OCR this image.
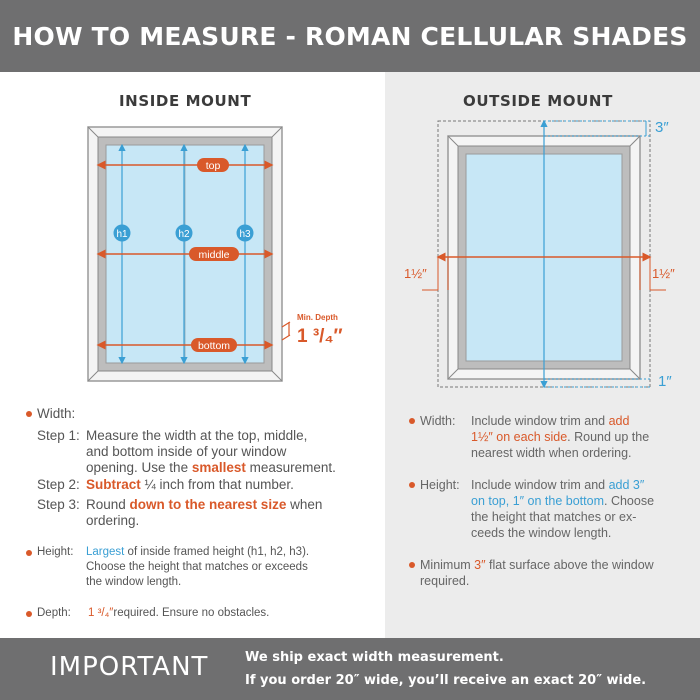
HOW TO MEASURE - ROMAN CELLULAR SHADES
INSIDE MOUNT	OUTSIDE MOUNT
top
middle
bottom
h1	h2	h3
Min. Depth
1 ³/₄″
3″
1″
1½″	1½″
Width:
Step 1: Measure the width at the top, middle,
and bottom inside of your window
opening. Use the smallest measurement.
Step 2: Subtract ¼ inch from that number.
Step 3: Round down to the nearest size when
ordering.
Height: Largest of inside framed height (h1, h2, h3).
Choose the height that matches or exceeds
the window length.
Depth: 1 ³/₄″required. Ensure no obstacles.
Width: Include window trim and add
1½″ on each side. Round up the
nearest width when ordering.
Height: Include window trim and add 3″
on top, 1″ on the bottom. Choose
the height that matches or ex-
ceeds the window length.
Minimum 3″ flat surface above the window
required.
IMPORTANT	We ship exact width measurement.
If you order 20″ wide, you’ll receive an exact 20″ wide.
